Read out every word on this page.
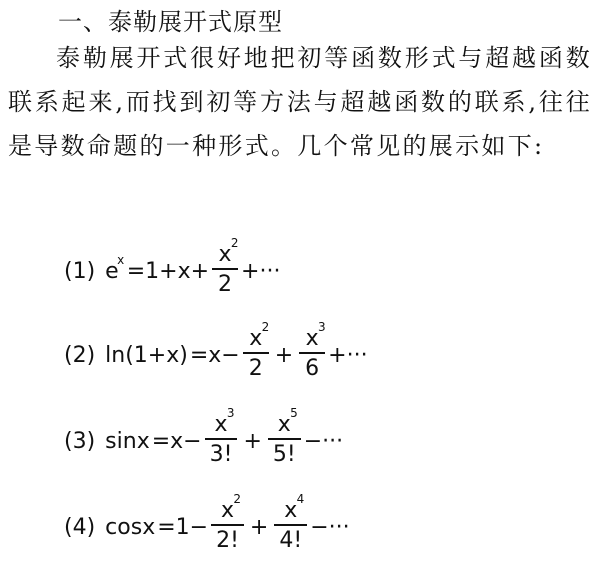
一、泰勒展开式原型

泰勒展开式很好地把初等函数形式与超越函数联系起来,而找到初等方法与超越函数的联系,往往是导数命题的一种形式。几个常见的展示如下:

(1) e
$x =1+x+ \frac{x 2}{2}$ +···
(2) $\ln(1+x) =x- \frac{x 2}{2} + \frac{x 3}{6}$ +···
(3) $\sin x =x- \frac{x 3}{3!} + \frac{x 5}{5!}$ −···
(4) $\cos x =1- \frac{x 2}{2!} + \frac{x 4}{4!}$ −···
